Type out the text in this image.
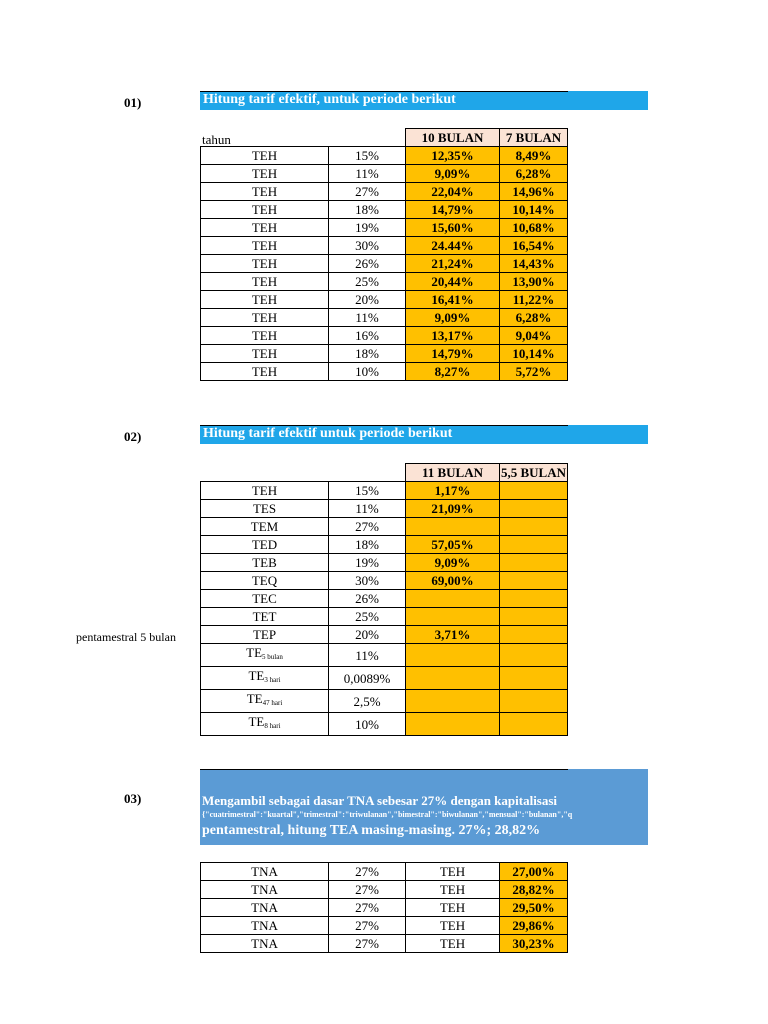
01)	Hitung tarif efektif, untuk periode berikut
tahun
			10 BULAN	7 BULAN
TEH	15%	12,35%	8,49%
TEH	11%	9,09%	6,28%
TEH	27%	22,04%	14,96%
TEH	18%	14,79%	10,14%
TEH	19%	15,60%	10,68%
TEH	30%	24.44%	16,54%
TEH	26%	21,24%	14,43%
TEH	25%	20,44%	13,90%
TEH	20%	16,41%	11,22%
TEH	11%	9,09%	6,28%
TEH	16%	13,17%	9,04%
TEH	18%	14,79%	10,14%
TEH	10%	8,27%	5,72%
02)	Hitung tarif efektif untuk periode berikut
pentamestral 5 bulan
		11 BULAN	5,5 BULAN
TEH	15%	1,17%	
TES	11%	21,09%	
TEM	27%		
TED	18%	57,05%	
TEB	19%	9,09%	
TEQ	30%	69,00%	
TEC	26%		
TET	25%		
TEP	20%	3,71%	
$TE_{5 bulan}$	11%		
$TE_{3 hari}$	0,0089%		
$TE_{47 hari}$	2,5%		
$TE_{8 hari}$	10%		
03)	Mengambil sebagai dasar TNA sebesar 27% dengan kapitalisasi
{"cuatrimestral":"kuartal","trimestral":"triwulanan","bimestral":"biwulanan","mensual":"bulanan","q
pentamestral, hitung TEA masing-masing. 27%; 28,82%
TNA	27%	TEH	27,00%
TNA	27%	TEH	28,82%
TNA	27%	TEH	29,50%
TNA	27%	TEH	29,86%
TNA	27%	TEH	30,23%
